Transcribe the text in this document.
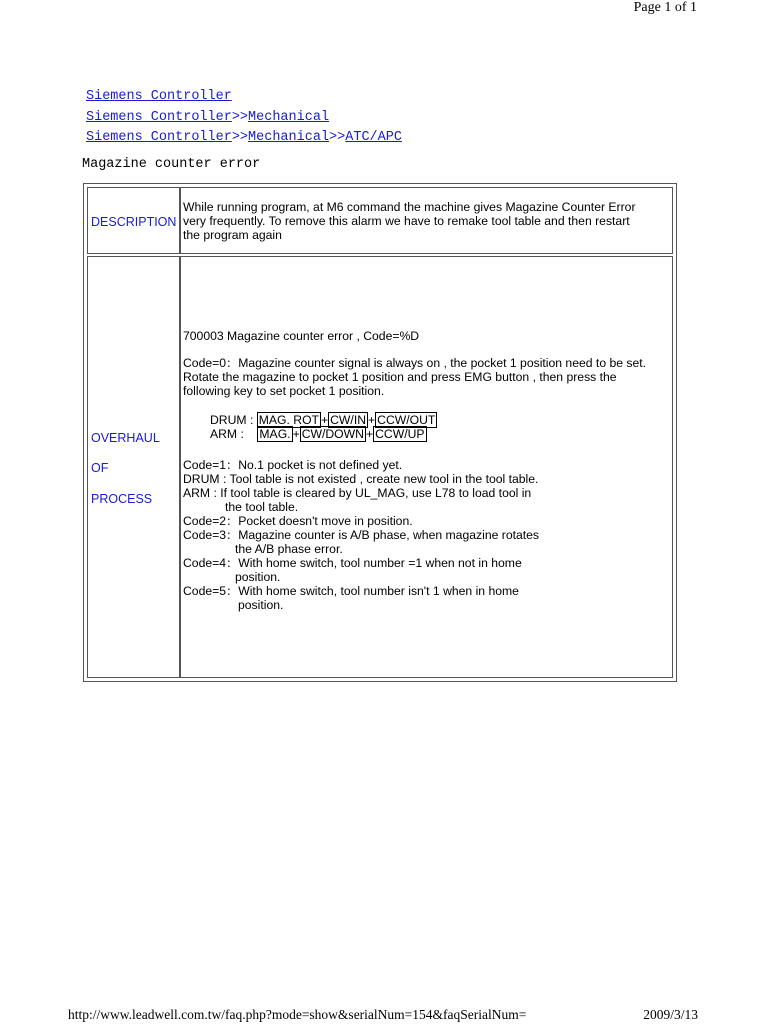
Page 1 of 1
Siemens Controller
Siemens Controller>>Mechanical
Siemens Controller>>Mechanical>>ATC/APC
Magazine counter error
DESCRIPTION
While running program, at M6 command the machine gives Magazine Counter Error
very frequently. To remove this alarm we have to remake tool table and then restart
the program again
OVERHAUL
OF
PROCESS
700003 Magazine counter error , Code=%D
Code=0：Magazine counter signal is always on , the pocket 1 position need to be set.
Rotate the magazine to pocket 1 position and press EMG button , then press the
following key to set pocket 1 position.
DRUM : MAG. ROT + CW/IN + CCW/OUT
ARM : MAG. + CW/DOWN + CCW/UP
Code=1：No.1 pocket is not defined yet.
DRUM : Tool table is not existed , create new tool in the tool table.
ARM : If tool table is cleared by UL_MAG, use L78 to load tool in
the tool table.
Code=2：Pocket doesn't move in position.
Code=3：Magazine counter is A/B phase, when magazine rotates
the A/B phase error.
Code=4：With home switch, tool number =1 when not in home
position.
Code=5：With home switch, tool number isn't 1 when in home
position.
http://www.leadwell.com.tw/faq.php?mode=show&serialNum=154&faqSerialNum=	2009/3/13
